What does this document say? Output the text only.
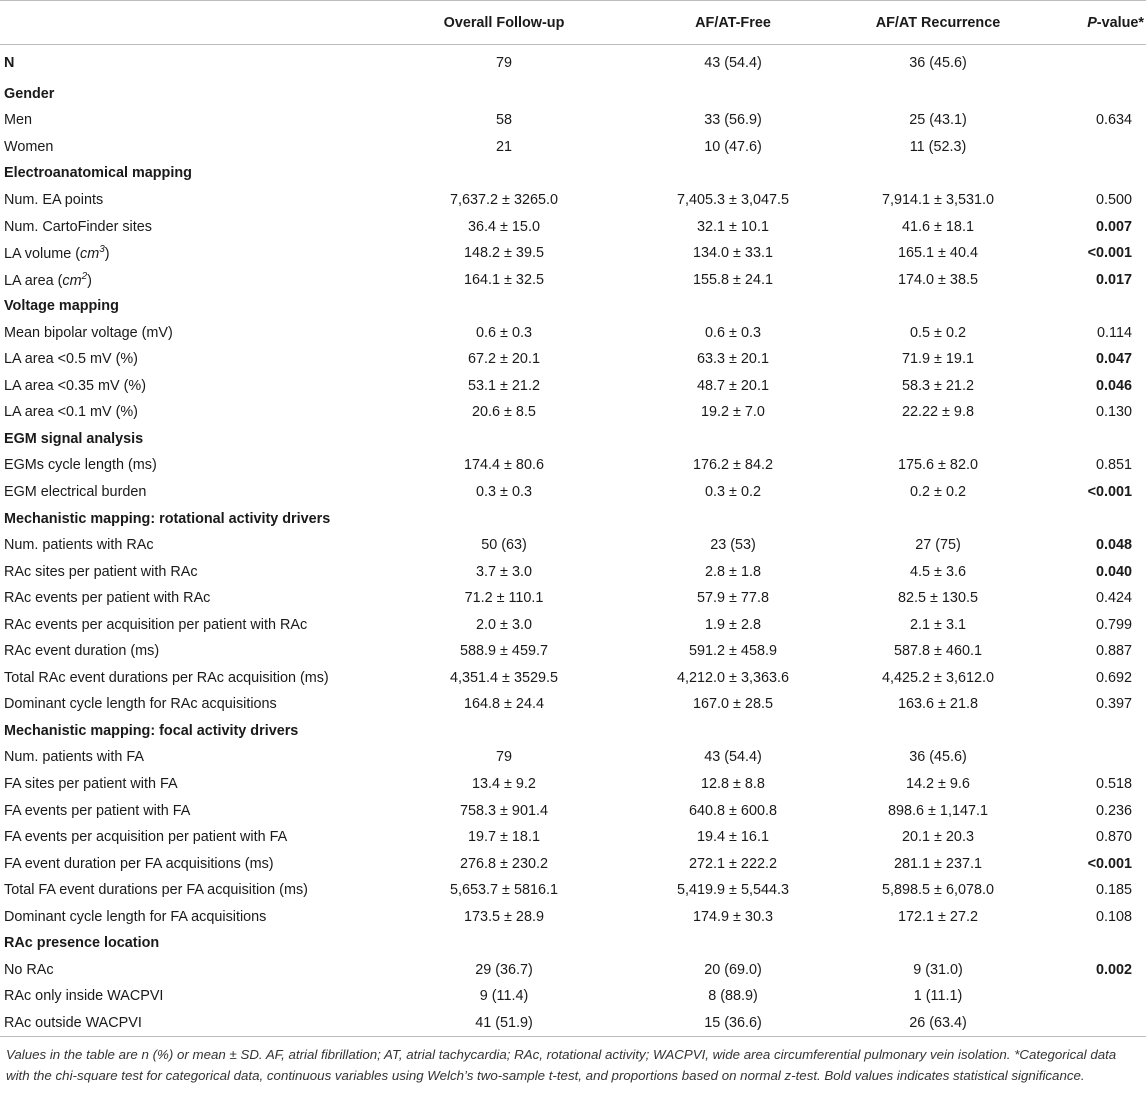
	Overall Follow-up	AF/AT-Free	AF/AT Recurrence	P-value*
N	79	43 (54.4)	36 (45.6)	
Gender				
Men	58	33 (56.9)	25 (43.1)	0.634
Women	21	10 (47.6)	11 (52.3)	
Electroanatomical mapping				
Num. EA points	7,637.2 ± 3265.0	7,405.3 ± 3,047.5	7,914.1 ± 3,531.0	0.500
Num. CartoFinder sites	36.4 ± 15.0	32.1 ± 10.1	41.6 ± 18.1	0.007
LA volume $(cm^3)$	148.2 ± 39.5	134.0 ± 33.1	165.1 ± 40.4	<0.001
LA area $(cm^2)$	164.1 ± 32.5	155.8 ± 24.1	174.0 ± 38.5	0.017
Voltage mapping				
Mean bipolar voltage (mV)	0.6 ± 0.3	0.6 ± 0.3	0.5 ± 0.2	0.114
LA area <0.5 mV (%)	67.2 ± 20.1	63.3 ± 20.1	71.9 ± 19.1	0.047
LA area <0.35 mV (%)	53.1 ± 21.2	48.7 ± 20.1	58.3 ± 21.2	0.046
LA area <0.1 mV (%)	20.6 ± 8.5	19.2 ± 7.0	22.22 ± 9.8	0.130
EGM signal analysis				
EGMs cycle length (ms)	174.4 ± 80.6	176.2 ± 84.2	175.6 ± 82.0	0.851
EGM electrical burden	0.3 ± 0.3	0.3 ± 0.2	0.2 ± 0.2	<0.001
Mechanistic mapping: rotational activity drivers				
Num. patients with RAc	50 (63)	23 (53)	27 (75)	0.048
RAc sites per patient with RAc	3.7 ± 3.0	2.8 ± 1.8	4.5 ± 3.6	0.040
RAc events per patient with RAc	71.2 ± 110.1	57.9 ± 77.8	82.5 ± 130.5	0.424
RAc events per acquisition per patient with RAc	2.0 ± 3.0	1.9 ± 2.8	2.1 ± 3.1	0.799
RAc event duration (ms)	588.9 ± 459.7	591.2 ± 458.9	587.8 ± 460.1	0.887
Total RAc event durations per RAc acquisition (ms)	4,351.4 ± 3529.5	4,212.0 ± 3,363.6	4,425.2 ± 3,612.0	0.692
Dominant cycle length for RAc acquisitions	164.8 ± 24.4	167.0 ± 28.5	163.6 ± 21.8	0.397
Mechanistic mapping: focal activity drivers				
Num. patients with FA	79	43 (54.4)	36 (45.6)	
FA sites per patient with FA	13.4 ± 9.2	12.8 ± 8.8	14.2 ± 9.6	0.518
FA events per patient with FA	758.3 ± 901.4	640.8 ± 600.8	898.6 ± 1,147.1	0.236
FA events per acquisition per patient with FA	19.7 ± 18.1	19.4 ± 16.1	20.1 ± 20.3	0.870
FA event duration per FA acquisitions (ms)	276.8 ± 230.2	272.1 ± 222.2	281.1 ± 237.1	<0.001
Total FA event durations per FA acquisition (ms)	5,653.7 ± 5816.1	5,419.9 ± 5,544.3	5,898.5 ± 6,078.0	0.185
Dominant cycle length for FA acquisitions	173.5 ± 28.9	174.9 ± 30.3	172.1 ± 27.2	0.108
RAc presence location				
No RAc	29 (36.7)	20 (69.0)	9 (31.0)	0.002
RAc only inside WACPVI	9 (11.4)	8 (88.9)	1 (11.1)	
RAc outside WACPVI	41 (51.9)	15 (36.6)	26 (63.4)	

Values in the table are n (%) or mean ± SD. AF, atrial fibrillation; AT, atrial tachycardia; RAc, rotational activity; WACPVI, wide area circumferential pulmonary vein isolation. *Categorical data with the chi-square test for categorical data, continuous variables using Welch’s two-sample t-test, and proportions based on normal z-test. Bold values indicates statistical significance.
